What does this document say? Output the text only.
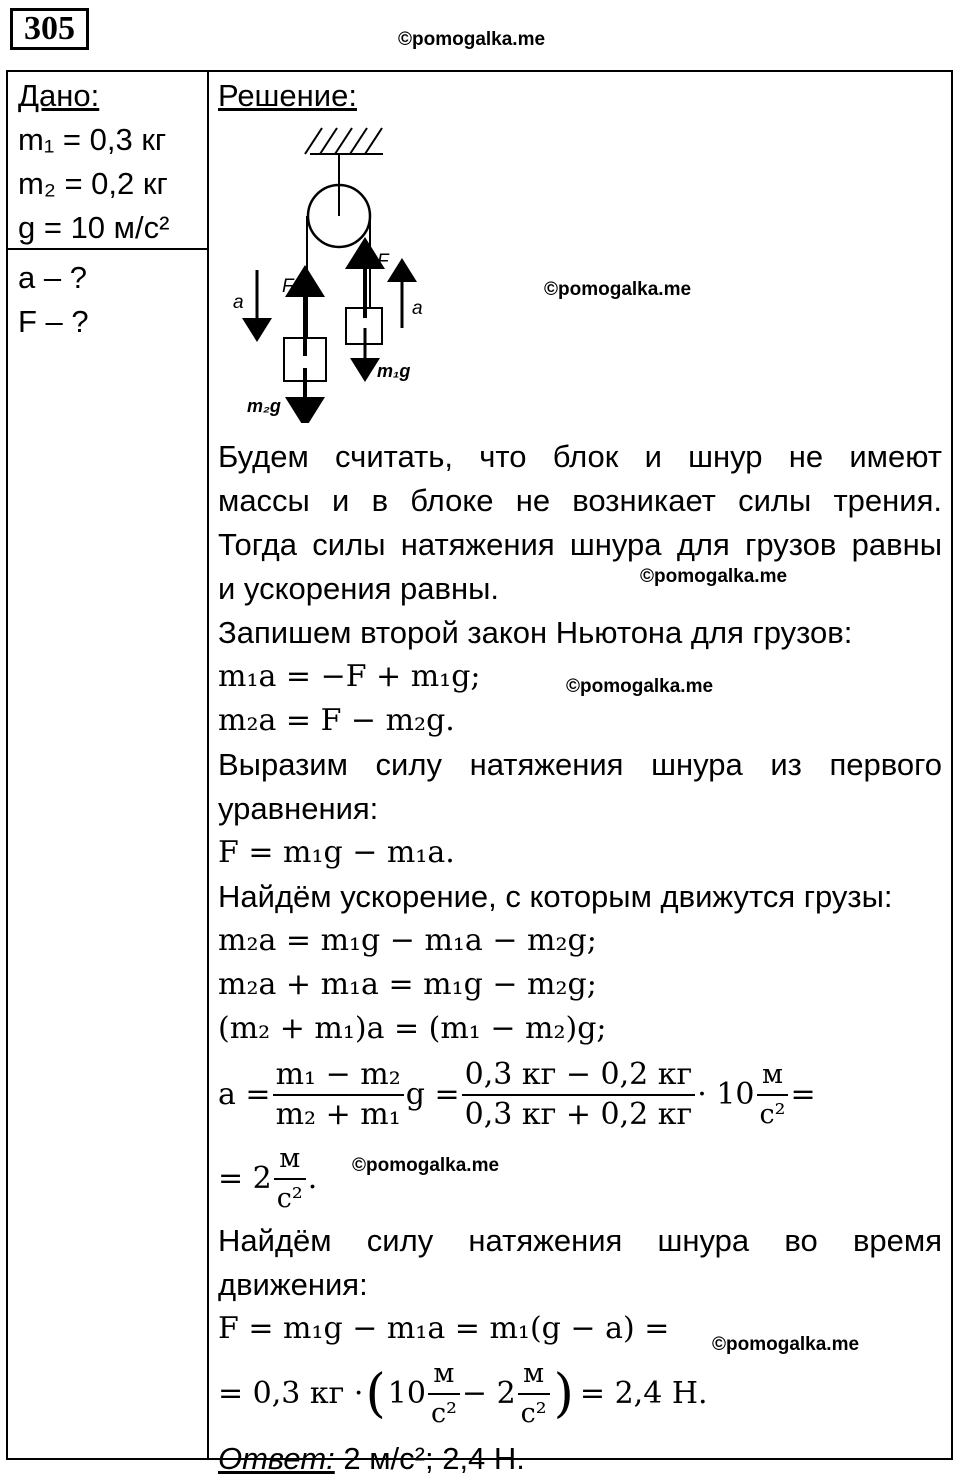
305	©pomogalka.me
Дано:
m₁ = 0,3 кг
m₂ = 0,2 кг
g = 10 м/с²
a – ?
F – ?
Решение:
a
F
m₂g
F
a
m₁g
©pomogalka.me
Будем считать, что блок и шнур не имеют
массы и в блоке не возникает силы трения.
Тогда силы натяжения шнура для грузов равны
и ускорения равны.
Запишем второй закон Ньютона для грузов:
m₁a = −F + m₁g;
m₂a = F − m₂g.
Выразим силу натяжения шнура из первого
уравнения:
F = m₁g − m₁a.
Найдём ускорение, с которым движутся грузы:
m₂a = m₁g − m₁a − m₂g;
m₂a + m₁a = m₁g − m₂g;
(m₂ + m₁)a = (m₁ − m₂)g;
$a = \frac{\text{m₁ − m₂}}{\text{m₂ + m₁}}$ $g = \frac{0,3 кг - 0,2 кг}{0,3 кг + 0,2 кг} \cdot 10 \frac{м}{\text{с²}}$ =
= $2 \frac{м}{\text{с²}}$ .
Найдём силу натяжения шнура во время
движения:
F = m₁g − m₁a = m₁(g − a) =
= 0,3 кг · ( $10 \frac{м}{\text{с²}} - 2 \frac{м}{\text{с²}}$ ) = 2,4 Н.
Ответ: 2 м/с²; 2,4 Н.
©pomogalka.me
©pomogalka.me
©pomogalka.me
©pomogalka.me
